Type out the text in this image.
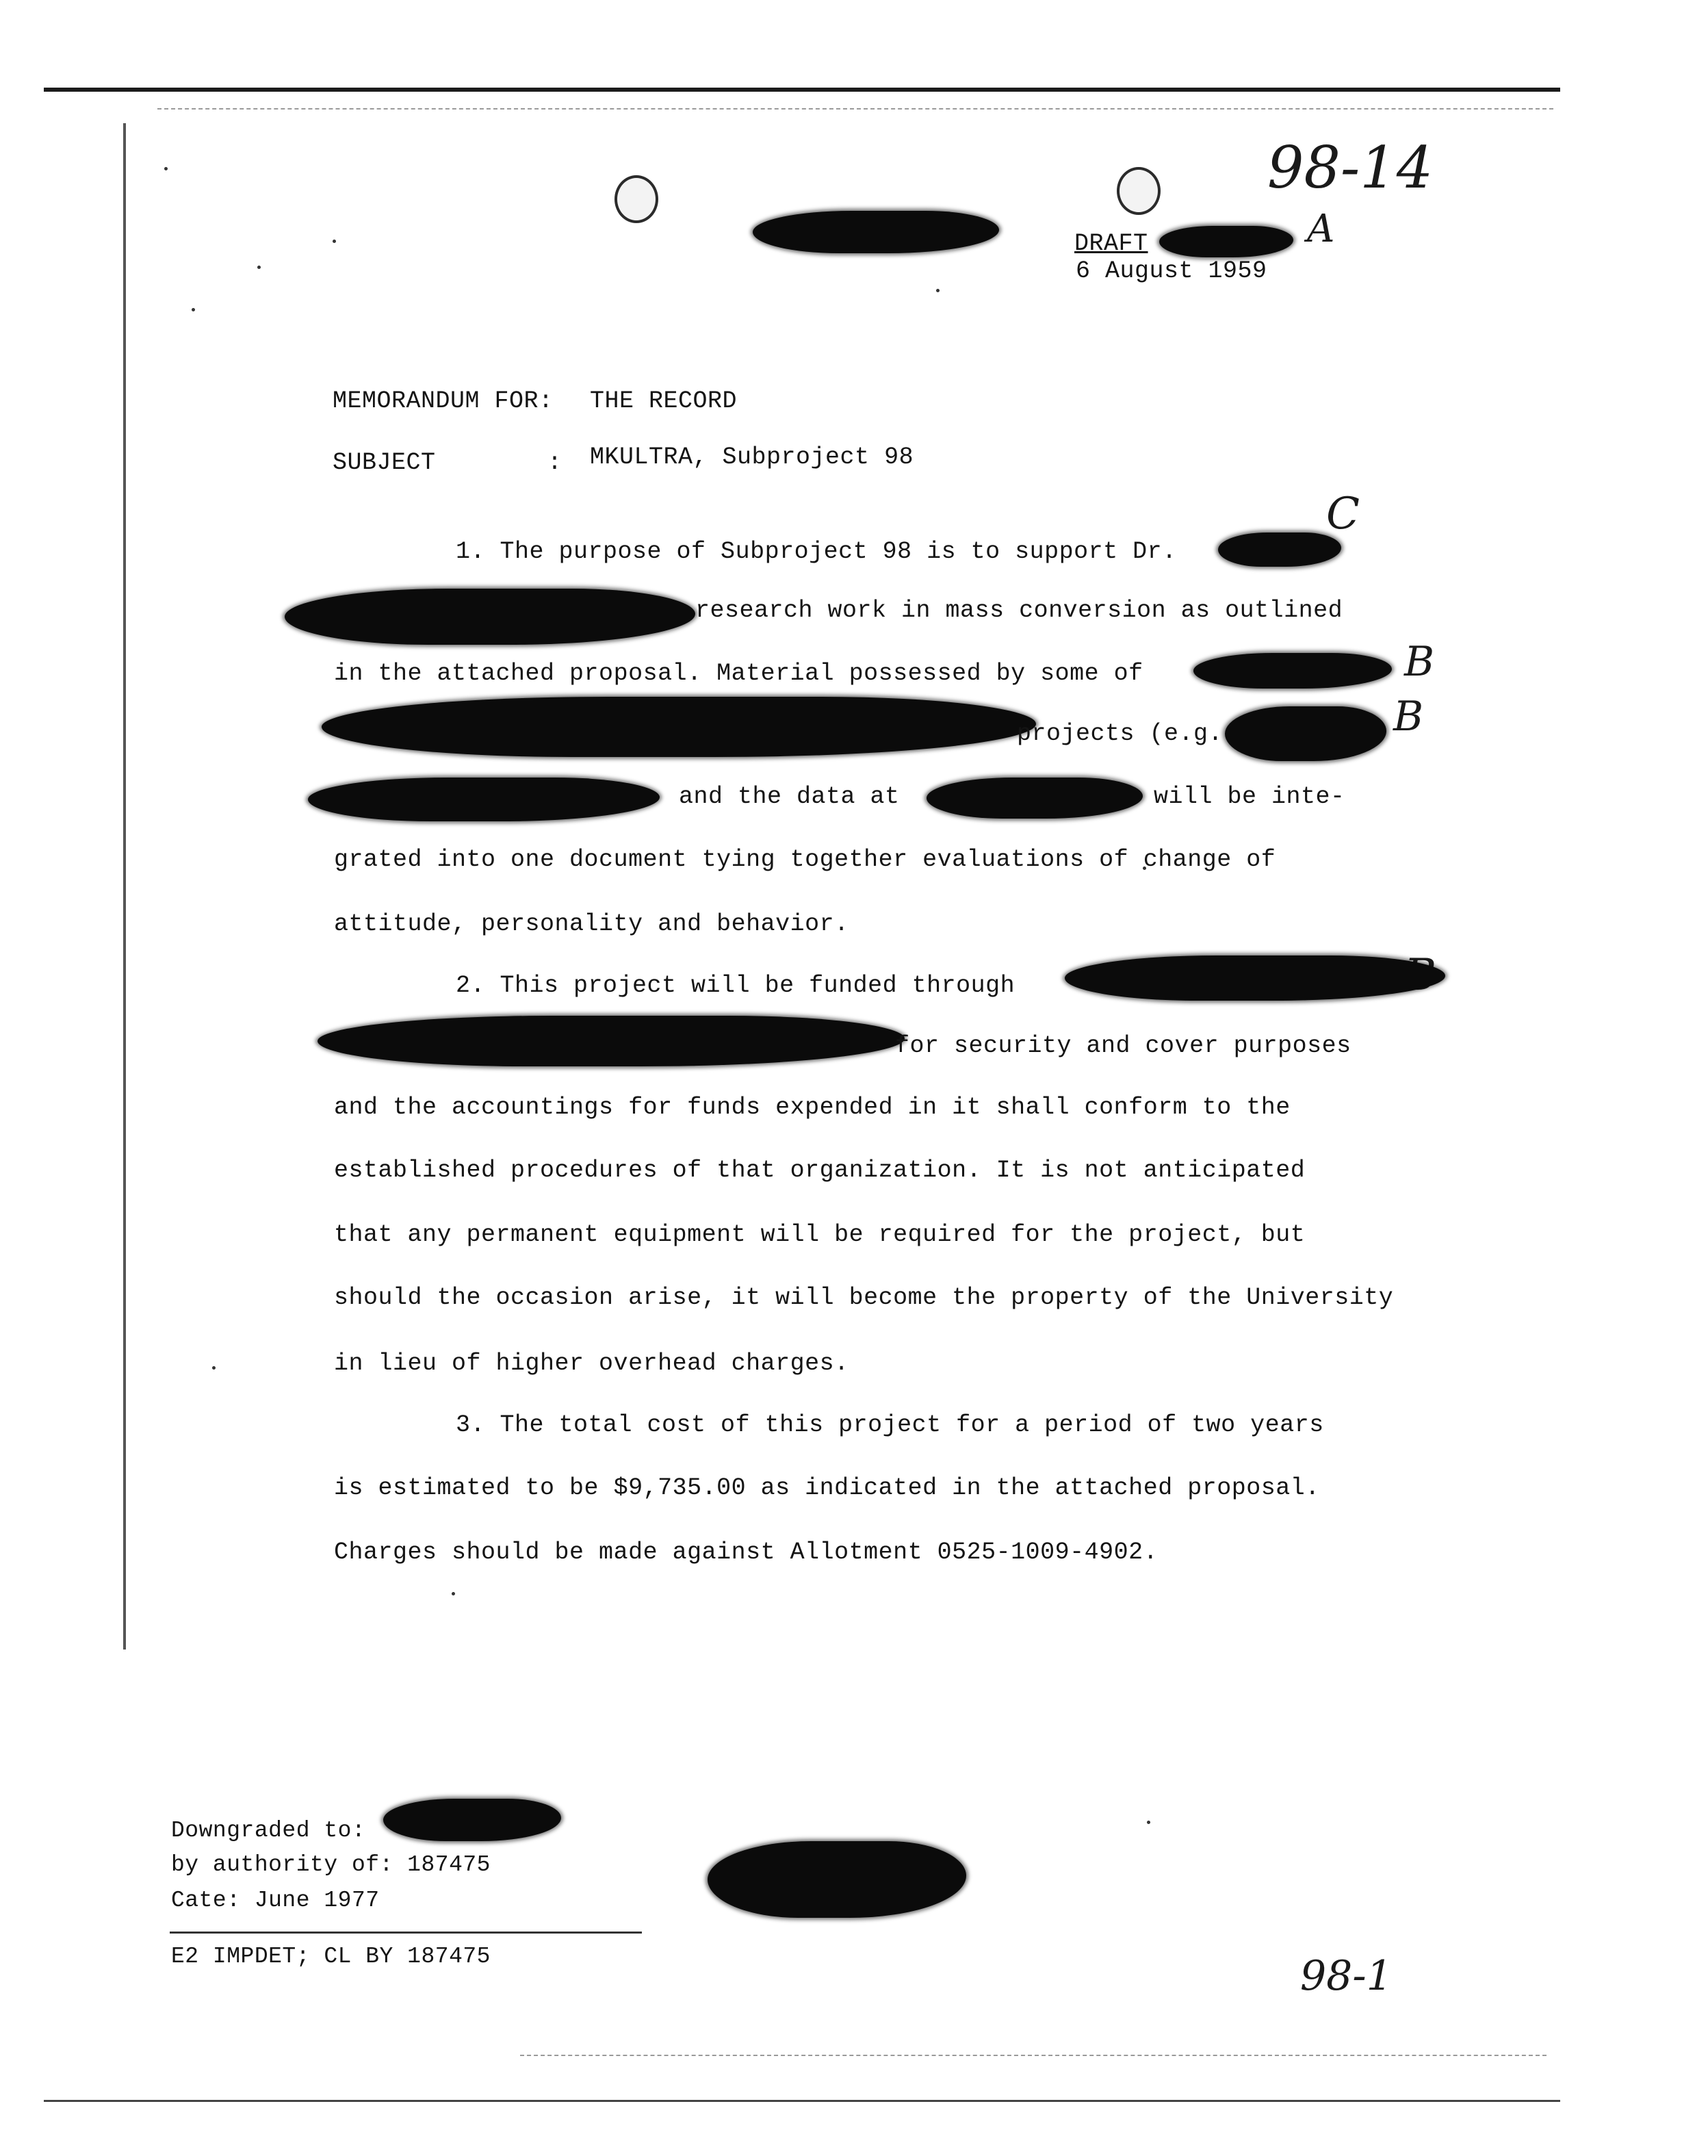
98-14
A
C
B
B
98-1
DRAFT
6 August 1959
MEMORANDUM FOR: THE RECORD
SUBJECT	: MKULTRA, Subproject 98
1. The purpose of Subproject 98 is to support Dr.
research work in mass conversion as outlined
in the attached proposal. Material possessed by some of
projects (e.g.
and the data at	will be inte-
grated into one document tying together evaluations of change of
attitude, personality and behavior.
2. This project will be funded through
for security and cover purposes
and the accountings for funds expended in it shall conform to the
established procedures of that organization. It is not anticipated
that any permanent equipment will be required for the project, but
should the occasion arise, it will become the property of the University
in lieu of higher overhead charges.
3. The total cost of this project for a period of two years
is estimated to be $9,735.00 as indicated in the attached proposal.
Charges should be made against Allotment 0525-1009-4902.
Downgraded to:
by authority of: 187475
Cate: June 1977
E2 IMPDET; CL BY 187475
